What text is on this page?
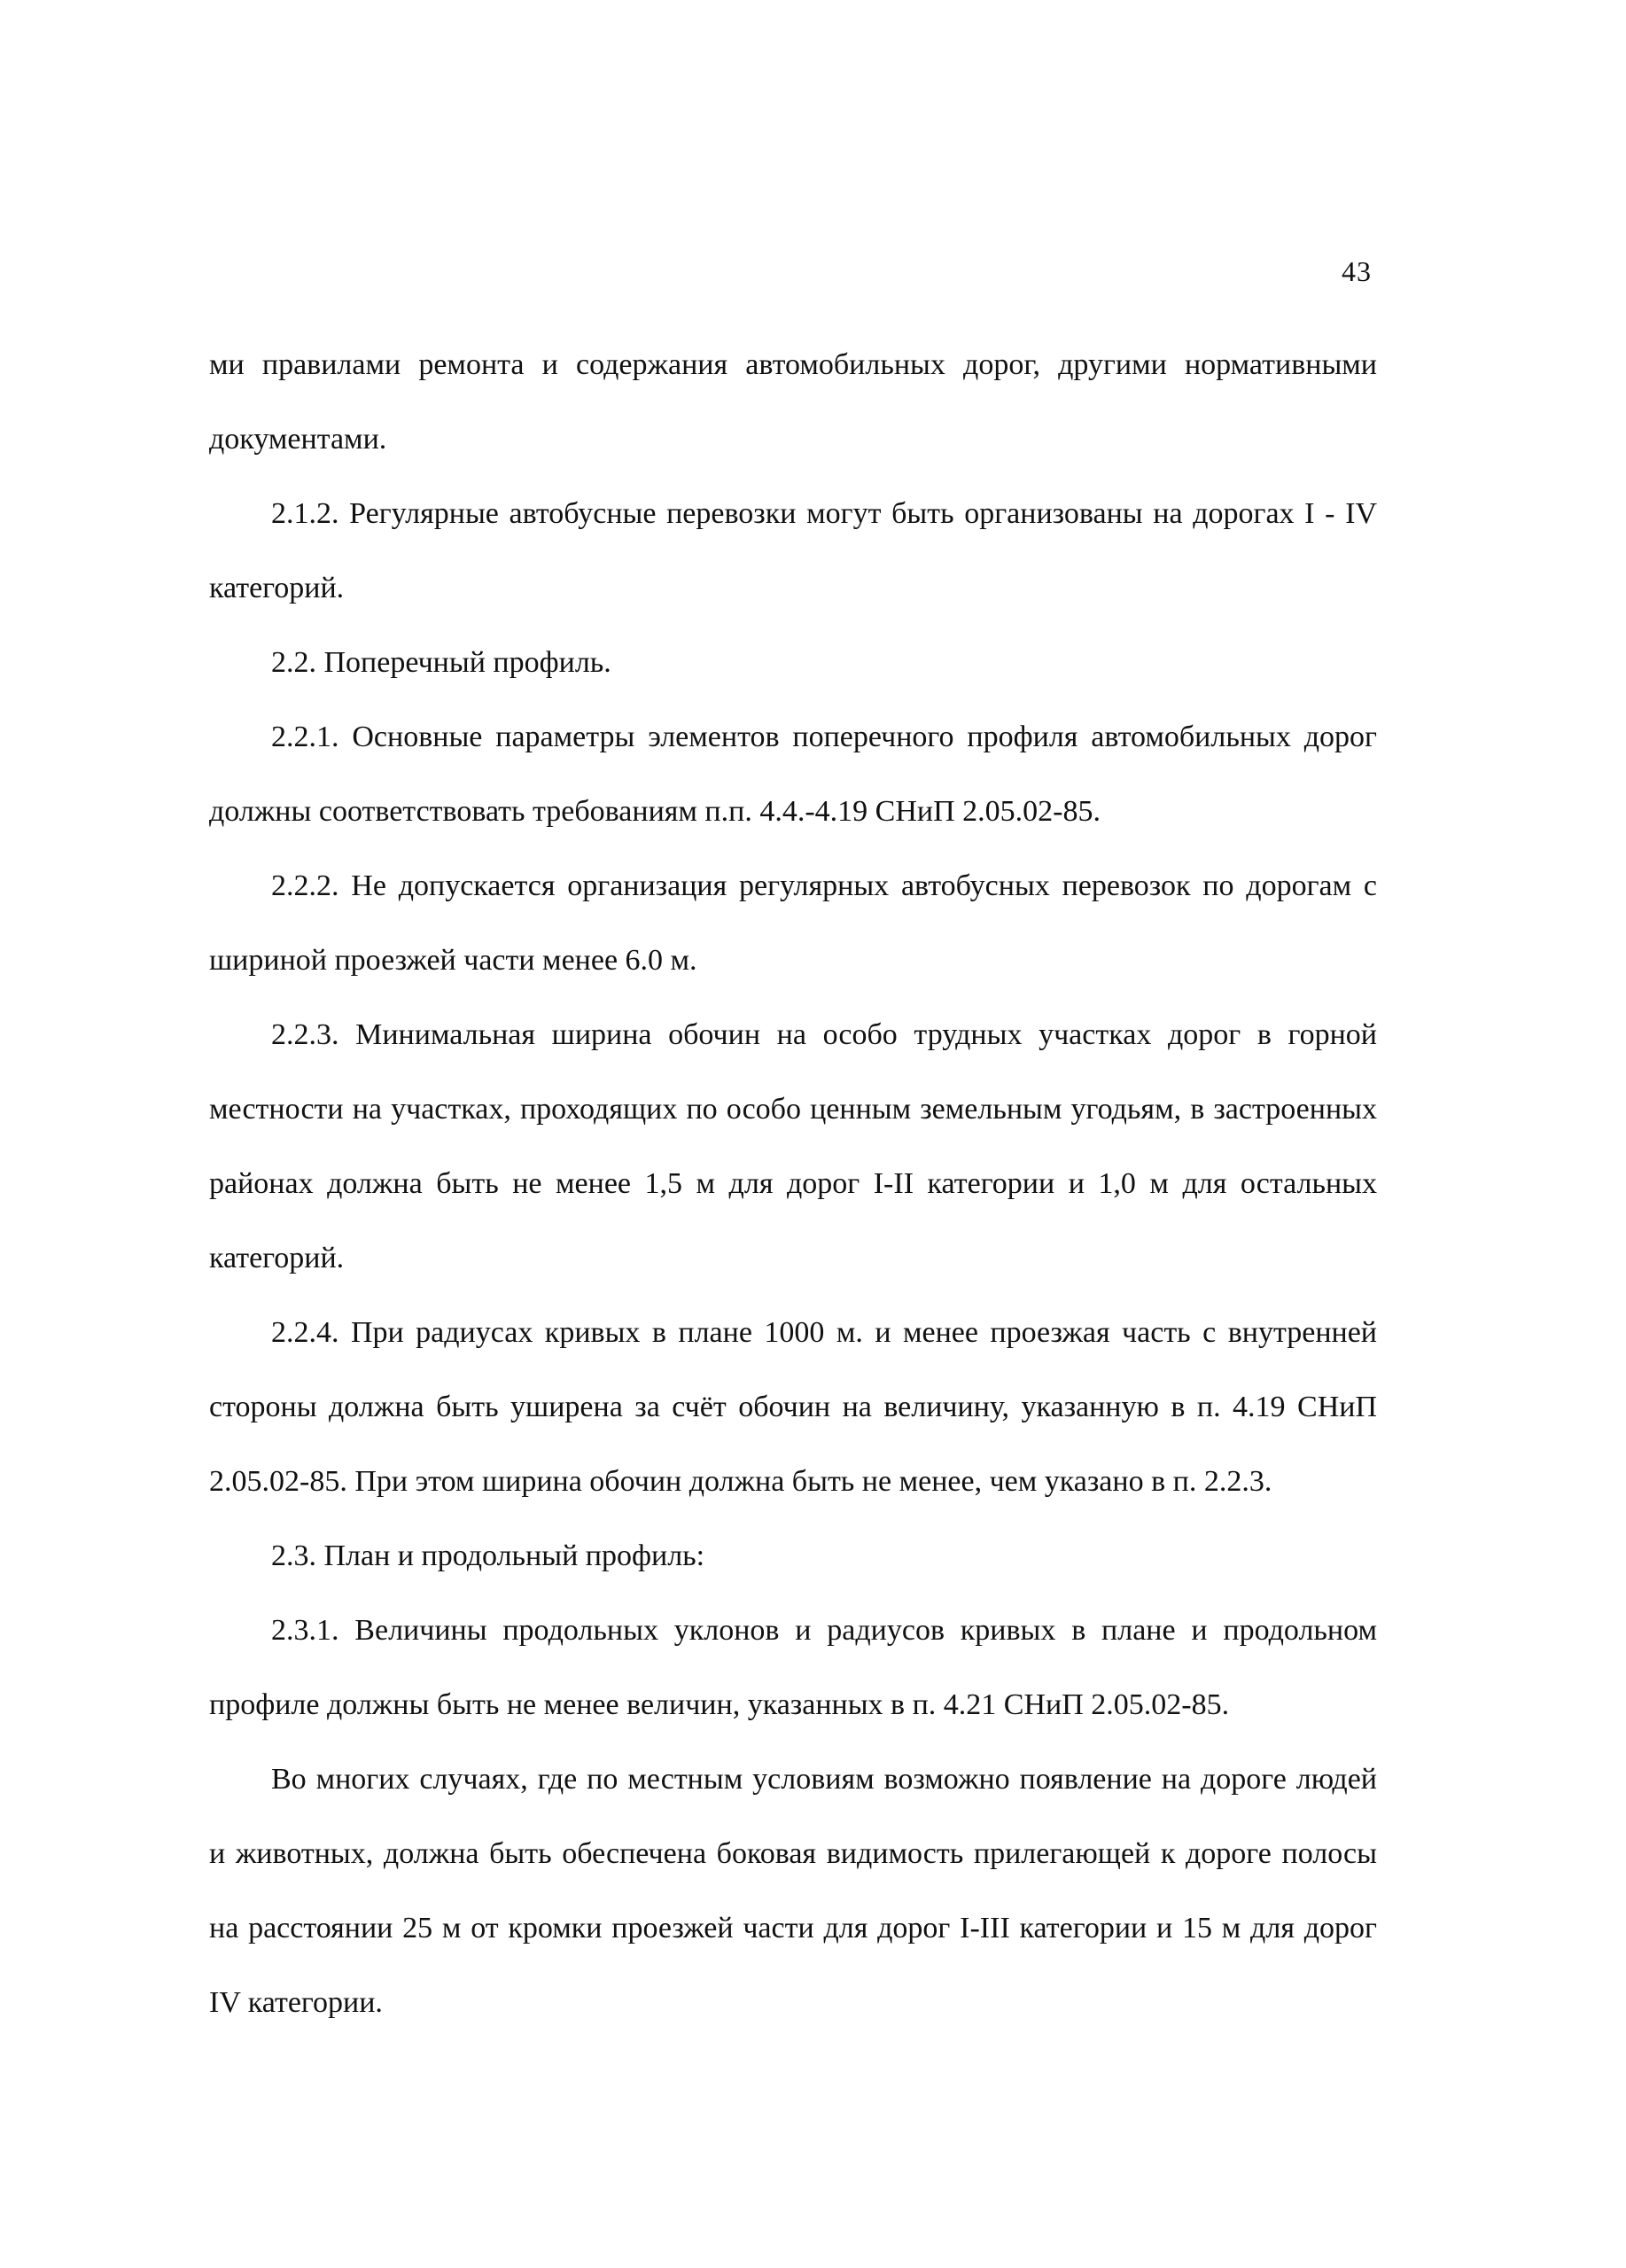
43

ми правилами ремонта и содержания автомобильных дорог, другими нормативными документами.

2.1.2. Регулярные автобусные перевозки могут быть организованы на дорогах I - IV категорий.

2.2. Поперечный профиль.

2.2.1. Основные параметры элементов поперечного профиля автомобильных дорог должны соответствовать требованиям п.п. 4.4.-4.19 СНиП 2.05.02-85.

2.2.2. Не допускается организация регулярных автобусных перевозок по дорогам с шириной проезжей части менее 6.0 м.

2.2.3. Минимальная ширина обочин на особо трудных участках дорог в горной местности на участках, проходящих по особо ценным земельным угодьям, в застроенных районах должна быть не менее 1,5 м для дорог I-II категории и 1,0 м для остальных категорий.

2.2.4. При радиусах кривых в плане 1000 м. и менее проезжая часть с внутренней стороны должна быть уширена за счёт обочин на величину, указанную в п. 4.19 СНиП 2.05.02-85. При этом ширина обочин должна быть не менее, чем указано в п. 2.2.3.

2.3. План и продольный профиль:

2.3.1. Величины продольных уклонов и радиусов кривых в плане и продольном профиле должны быть не менее величин, указанных в п. 4.21 СНиП 2.05.02-85.

Во многих случаях, где по местным условиям возможно появление на дороге людей и животных, должна быть обеспечена боковая видимость прилегающей к дороге полосы на расстоянии 25 м от кромки проезжей части для дорог I-III категории и 15 м для дорог IV категории.
